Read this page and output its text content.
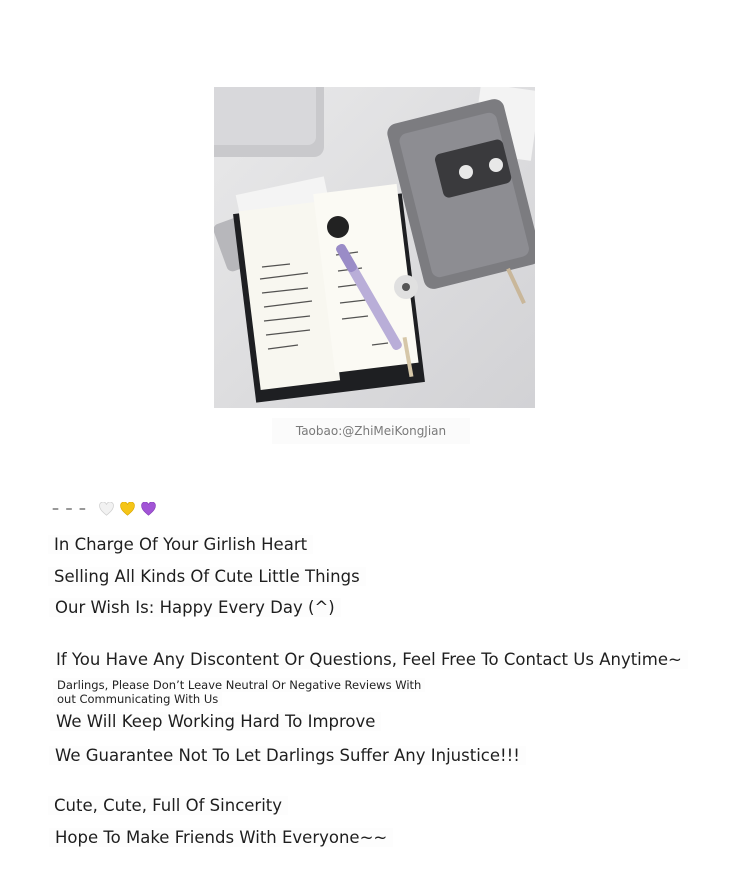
Taobao:@ZhiMeiKongJian
– – –
In Charge Of Your Girlish Heart
Selling All Kinds Of Cute Little Things
Our Wish Is: Happy Every Day (^)
If You Have Any Discontent Or Questions, Feel Free To Contact Us Anytime~
Darlings, Please Don’t Leave Neutral Or Negative Reviews With
out Communicating With Us
We Will Keep Working Hard To Improve
We Guarantee Not To Let Darlings Suffer Any Injustice!!!
Cute, Cute, Full Of Sincerity
Hope To Make Friends With Everyone~~
